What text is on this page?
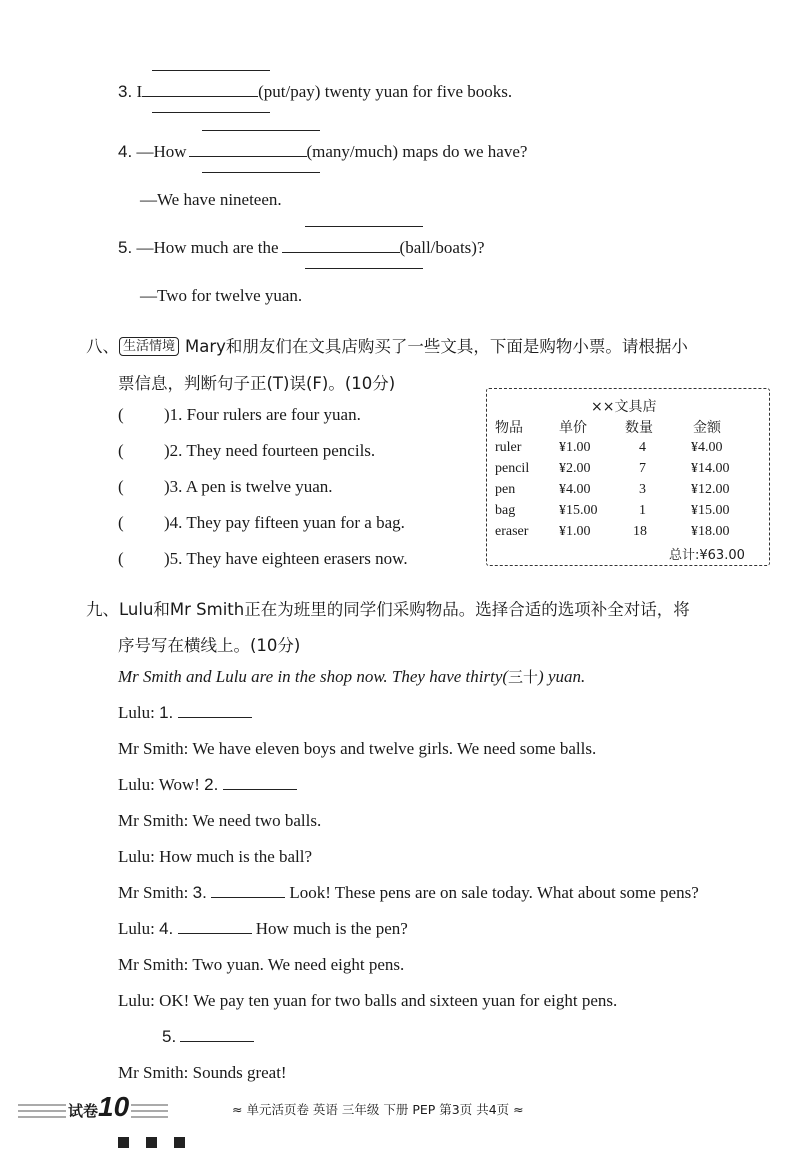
3. I	(put/pay) twenty yuan for five books.
4. —How	(many/much) maps do we have?
—We have nineteen.
5. —How much are the	(ball/boats)?
—Two for twelve yuan.
八、 生活情境 Mary和朋友们在文具店购买了一些文具，下面是购物小票。请根据小
票信息，判断句子正(T)误(F)。(10分)
( )1. Four rulers are four yuan.
( )2. They need fourteen pencils.
( )3. A pen is twelve yuan.
( )4. They pay fifteen yuan for a bag.
( )5. They have eighteen erasers now.
××文具店
物品	单价	数量	金额
ruler	¥1.00	4	¥4.00
pencil ¥2.00	7	¥14.00
pen	¥4.00	3	¥12.00
bag	¥15.00	1	¥15.00
eraser ¥1.00	18	¥18.00
总计:¥63.00
九、Lulu和Mr Smith正在为班里的同学们采购物品。选择合适的选项补全对话，将
序号写在横线上。(10分)
Mr Smith and Lulu are in the shop now. They have thirty(三十) yuan.
Lulu: 1.
Mr Smith: We have eleven boys and twelve girls. We need some balls.
Lulu: Wow! 2.
Mr Smith: We need two balls.
Lulu: How much is the ball?
Mr Smith: 3.	Look! These pens are on sale today. What about some pens?
Lulu: 4.	How much is the pen?
Mr Smith: Two yuan. We need eight pens.
Lulu: OK! We pay ten yuan for two balls and sixteen yuan for eight pens.
5.
Mr Smith: Sounds great!
试卷10	≈ 单元活页卷 英语 三年级 下册 PEP 第3页 共4页 ≈
